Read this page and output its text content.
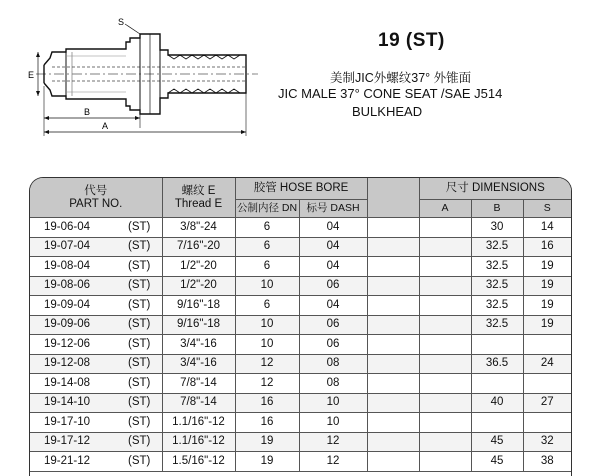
S
E
B
A
19 (ST)
美制JIC外螺纹37° 外锥面
JIC MALE 37° CONE SEAT /SAE J514
BULKHEAD
代号
PART NO.	螺纹 E
Thread E	胶管 HOSE BORE			尺寸 DIMENSIONS		
		公制内径 DN	标号 DASH		A	B	S
19-06-04 (ST)	3/8"-24	6	04			30	14
19-07-04 (ST)	7/16"-20	6	04			32.5	16
19-08-04 (ST)	1/2"-20	6	04			32.5	19
19-08-06 (ST)	1/2"-20	10	06			32.5	19
19-09-04 (ST)	9/16"-18	6	04			32.5	19
19-09-06 (ST)	9/16"-18	10	06			32.5	19
19-12-06 (ST)	3/4"-16	10	06				
19-12-08 (ST)	3/4"-16	12	08			36.5	24
19-14-08 (ST)	7/8"-14	12	08				
19-14-10 (ST)	7/8"-14	16	10			40	27
19-17-10 (ST)	1.1/16"-12	16	10				
19-17-12 (ST)	1.1/16"-12	19	12			45	32
19-21-12 (ST)	1.5/16"-12	19	12			45	38
